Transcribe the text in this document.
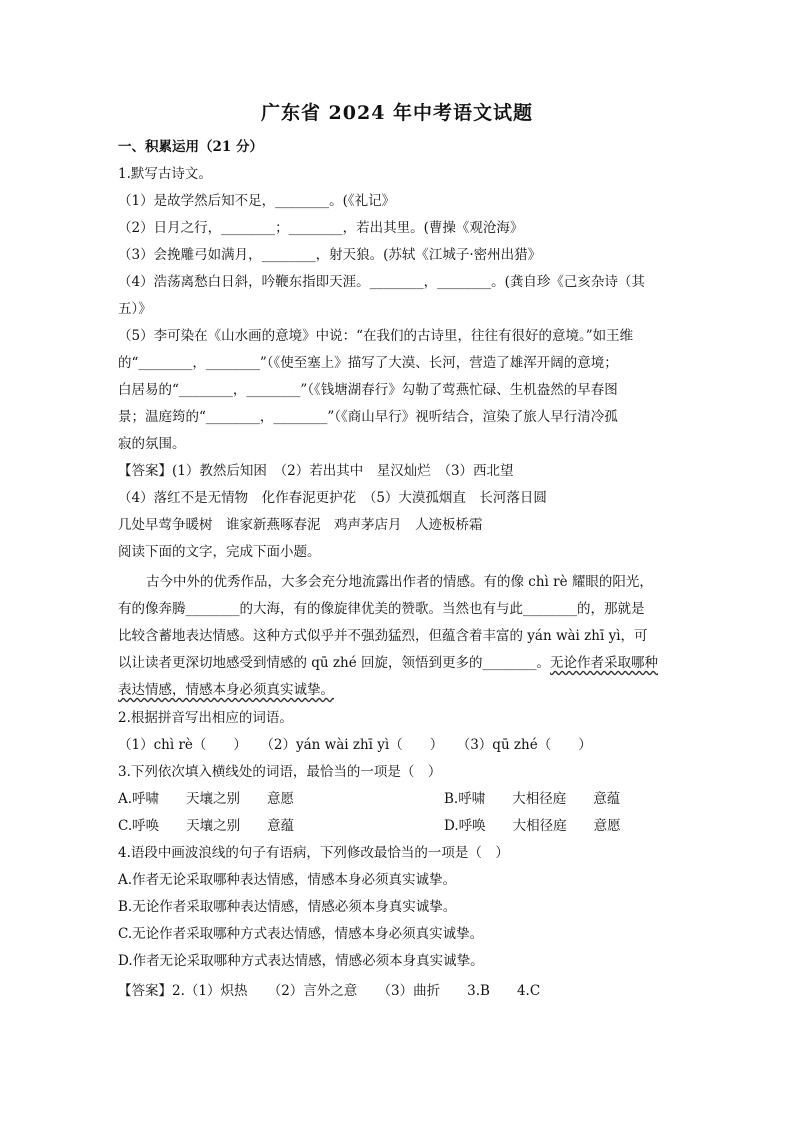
广东省 2024 年中考语文试题
一、积累运用（21 分）
1.默写古诗文。
（1）是故学然后知不足，________。(《礼记》
（2）日月之行，________；________，若出其里。(曹操《观沧海》
（3）会挽雕弓如满月，________，射天狼。(苏轼《江城子·密州出猎》
（4）浩荡离愁白日斜，吟鞭东指即天涯。________，________。(龚自珍《己亥杂诗（其
五）》
（5）李可染在《山水画的意境》中说：“在我们的古诗里，往往有很好的意境。”如王维
的“________，________”（《使至塞上》描写了大漠、长河，营造了雄浑开阔的意境；
白居易的“________，________”（《钱塘湖春行》勾勒了莺燕忙碌、生机盎然的早春图
景；温庭筠的“________，________”（《商山早行》视听结合，渲染了旅人早行清冷孤
寂的氛围。
【答案】(1）教然后知困　（2）若出其中　星汉灿烂　（3）西北望
（4）落红不是无情物　化作春泥更护花　（5）大漠孤烟直　长河落日圆
几处早莺争暖树　谁家新燕啄春泥　鸡声茅店月　人迹板桥霜
阅读下面的文字，完成下面小题。
古今中外的优秀作品，大多会充分地流露出作者的情感。有的像 chì rè 耀眼的阳光，
有的像奔腾________的大海，有的像旋律优美的赞歌。当然也有与此________的，那就是
比较含蓄地表达情感。这种方式似乎并不强劲猛烈，但蕴含着丰富的 yán wài zhī yì，可
以让读者更深切地感受到情感的 qū zhé 回旋，领悟到更多的________。无论作者采取哪种
表达情感，情感本身必须真实诚挚。
2.根据拼音写出相应的词语。
（1）chì rè（　　）　　（2）yán wài zhī yì（　　）　　（3）qū zhé（　　）
3.下列依次填入横线处的词语，最恰当的一项是（　）
A.呼啸　　天壤之别　　意愿	B.呼啸　　大相径庭　　意蕴
C.呼唤　　天壤之别　　意蕴	D.呼唤　　大相径庭　　意愿
4.语段中画波浪线的句子有语病，下列修改最恰当的一项是（　）
A.作者无论采取哪种表达情感，情感本身必须真实诚挚。
B.无论作者采取哪种表达情感，情感必须本身真实诚挚。
C.无论作者采取哪种方式表达情感，情感本身必须真实诚挚。
D.作者无论采取哪种方式表达情感，情感必须本身真实诚挚。
【答案】2.（1）炽热　　（2）言外之意　　（3）曲折　　3.B　　4.C
